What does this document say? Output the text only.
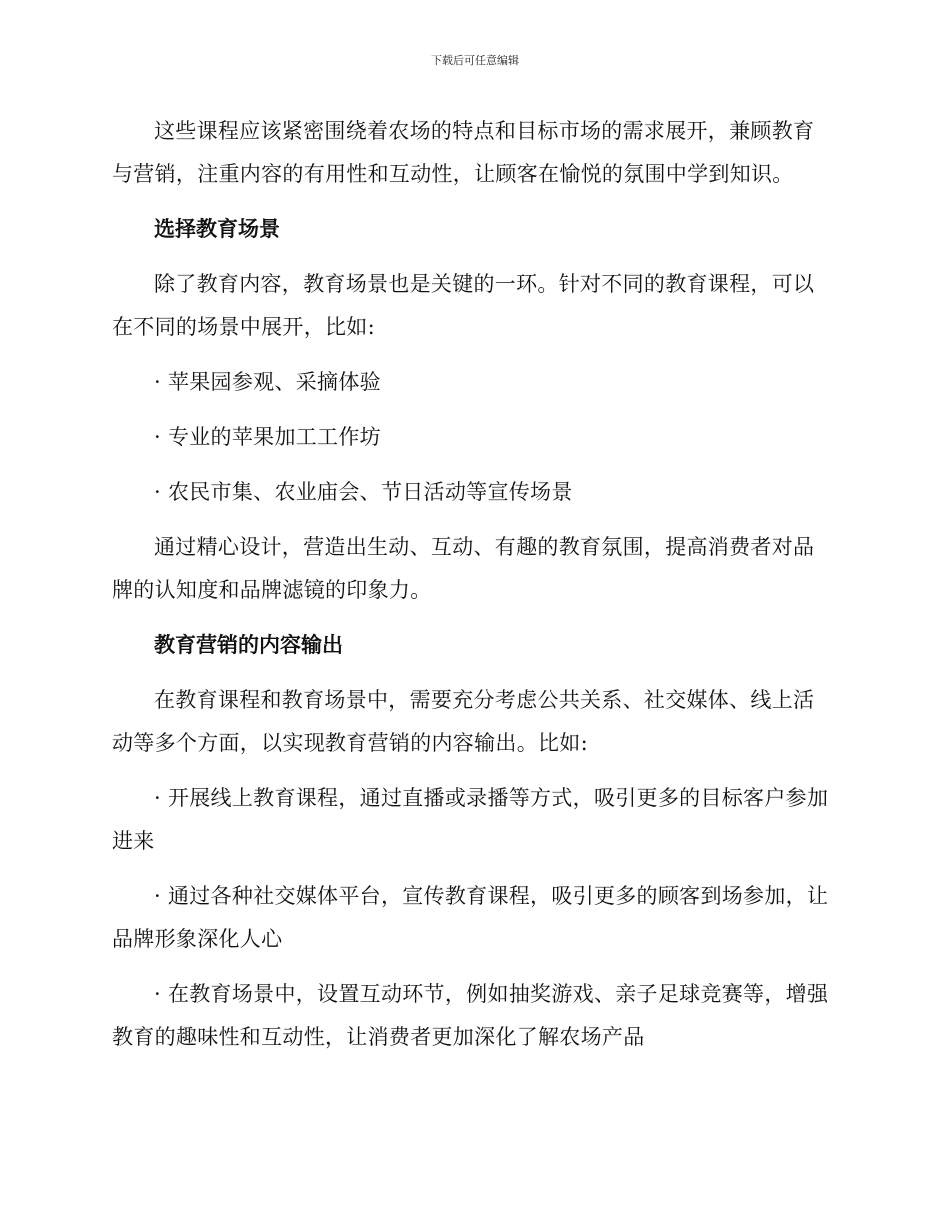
下载后可任意编辑

这些课程应该紧密围绕着农场的特点和目标市场的需求展开，兼顾教育与营销，注重内容的有用性和互动性，让顾客在愉悦的氛围中学到知识。

选择教育场景

除了教育内容，教育场景也是关键的一环。针对不同的教育课程，可以在不同的场景中展开，比如:

· 苹果园参观、采摘体验

· 专业的苹果加工工作坊

· 农民市集、农业庙会、节日活动等宣传场景

通过精心设计，营造出生动、互动、有趣的教育氛围，提高消费者对品牌的认知度和品牌滤镜的印象力。

教育营销的内容输出

在教育课程和教育场景中，需要充分考虑公共关系、社交媒体、线上活动等多个方面，以实现教育营销的内容输出。比如:

· 开展线上教育课程，通过直播或录播等方式，吸引更多的目标客户参加进来

· 通过各种社交媒体平台，宣传教育课程，吸引更多的顾客到场参加，让品牌形象深化人心

· 在教育场景中，设置互动环节，例如抽奖游戏、亲子足球竞赛等，增强教育的趣味性和互动性，让消费者更加深化了解农场产品
